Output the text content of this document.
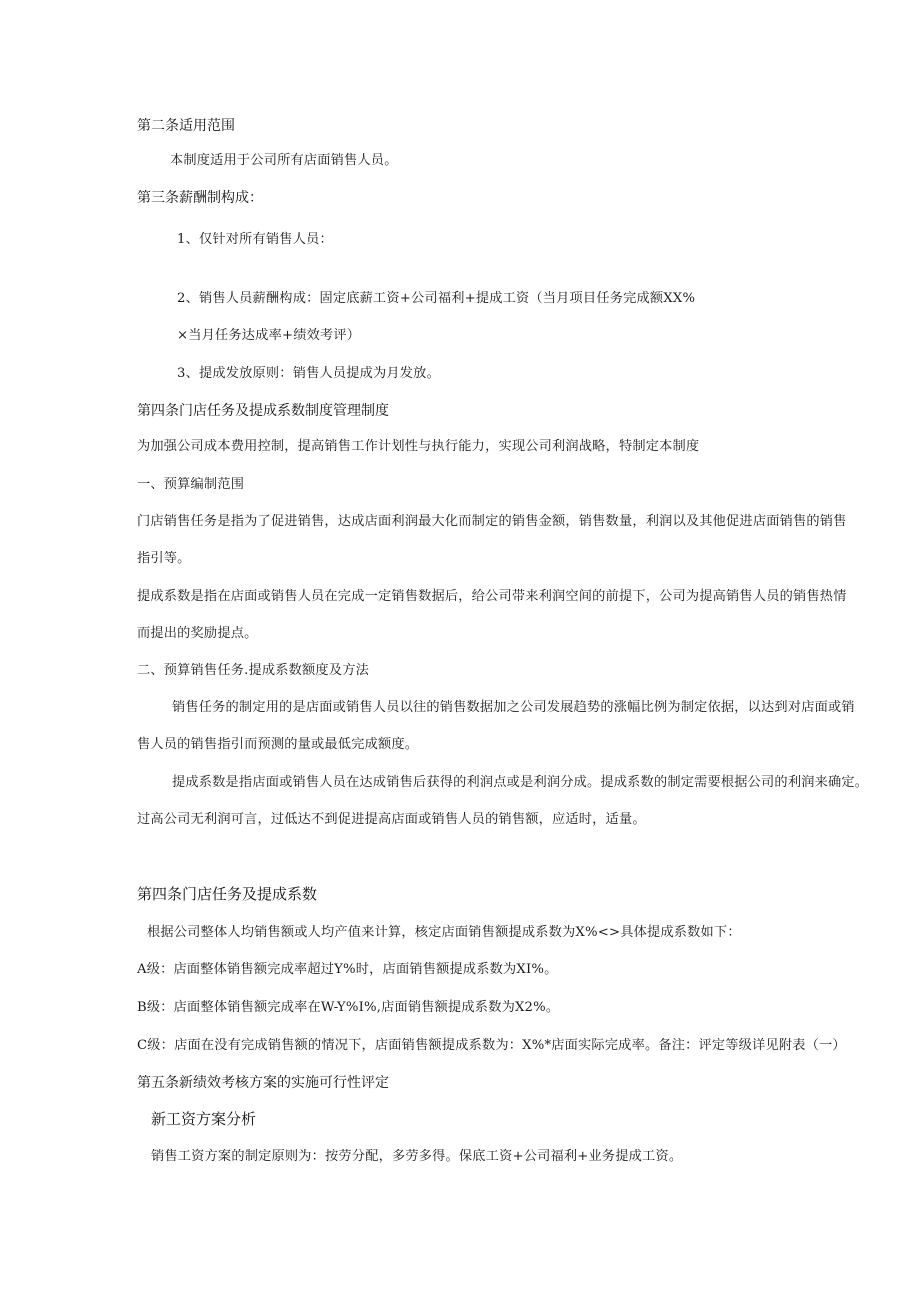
第二条适用范围
本制度适用于公司所有店面销售人员。
第三条薪酬制构成：
1、仅针对所有销售人员：
2、销售人员薪酬构成：固定底薪工资+公司福利+提成工资（当月项目任务完成额XX%
×当月任务达成率+绩效考评）
3、提成发放原则：销售人员提成为月发放。
第四条门店任务及提成系数制度管理制度
为加强公司成本费用控制，提高销售工作计划性与执行能力，实现公司利润战略，特制定本制度
一、预算编制范围
门店销售任务是指为了促进销售，达成店面利润最大化而制定的销售金额，销售数量，利润以及其他促进店面销售的销售
指引等。
提成系数是指在店面或销售人员在完成一定销售数据后，给公司带来利润空间的前提下，公司为提高销售人员的销售热情
而提出的奖励提点。
二、预算销售任务.提成系数额度及方法
销售任务的制定用的是店面或销售人员以往的销售数据加之公司发展趋势的涨幅比例为制定依据，以达到对店面或销
售人员的销售指引而预测的量或最低完成额度。
提成系数是指店面或销售人员在达成销售后获得的利润点或是利润分成。提成系数的制定需要根据公司的利润来确定。
过高公司无利润可言，过低达不到促进提高店面或销售人员的销售额，应适时，适量。
第四条门店任务及提成系数
根据公司整体人均销售额或人均产值来计算，核定店面销售额提成系数为X%<>具体提成系数如下：
A级：店面整体销售额完成率超过Y%时，店面销售额提成系数为XI%。
B级：店面整体销售额完成率在W-Y%I%,店面销售额提成系数为X2%。
C级：店面在没有完成销售额的情况下，店面销售额提成系数为：X%*店面实际完成率。备注：评定等级详见附表（一）
第五条新绩效考核方案的实施可行性评定
新工资方案分析
销售工资方案的制定原则为：按劳分配，多劳多得。保底工资+公司福利+业务提成工资。
